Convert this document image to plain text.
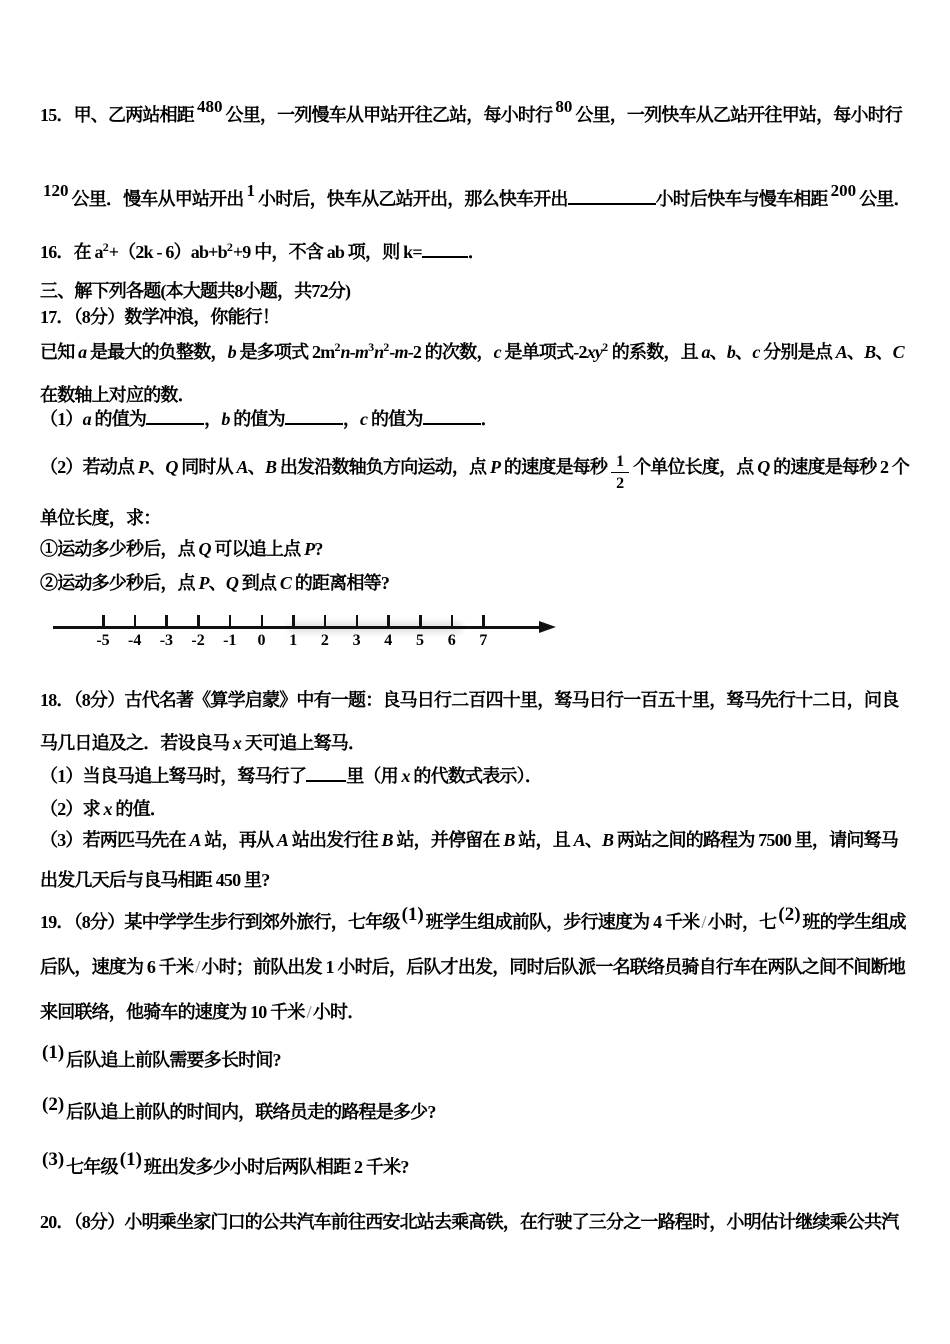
15．甲、乙两站相距 480 公里，一列慢车从甲站开往乙站，每小时行 80 公里，一列快车从乙站开往甲站，每小时行120 公里．慢车从甲站开出 1 小时后，快车从乙站开出，那么快车开出	小时后快车与慢车相距 200 公里．

16．在 $a^2+(2k - 6)ab+b^2+9$ 中，不含 ab 项，则 k=	．

三、解下列各题(本大题共8小题，共72分)

17．（8分）数学冲浪，你能行！

已知 a 是最大的负整数，b 是多项式 $2m^2n-m^3n^2-m-2$ 的次数，c 是单项式$-2xy^2$ 的系数，且 a、b、c 分别是点 A、B、C 在数轴上对应的数．

（1）a 的值为	，b 的值为	，c 的值为	．

（2）若动点 P、Q 同时从 A、B 出发沿数轴负方向运动，点 P 的速度是每秒 $\frac{1}{2}$ 个单位长度，点 Q 的速度是每秒 2 个单位长度，求：

①运动多少秒后，点 Q 可以追上点 P?

②运动多少秒后，点 P、Q 到点 C 的距离相等?

-5	-4	-3	-2	-1	0	1	2	3	4	5	6	7

18．（8分）古代名著《算学启蒙》中有一题：良马日行二百四十里，驽马日行一百五十里，驽马先行十二日，问良马几日追及之．若设良马 x 天可追上驽马．

（1）当良马追上驽马时，驽马行了 里（用 x 的代数式表示）．

（2）求 x 的值．

（3）若两匹马先在 A 站，再从 A 站出发行往 B 站，并停留在 B 站，且 A、B 两站之间的路程为 7500 里，请问驽马出发几天后与良马相距 450 里?

19．（8分）某中学学生步行到郊外旅行，七年级 (1) 班学生组成前队，步行速度为 4 千米 / 小时，七 (2) 班的学生组成后队，速度为 6 千米 / 小时；前队出发 1 小时后，后队才出发，同时后队派一名联络员骑自行车在两队之间不间断地来回联络，他骑车的速度为 10 千米 / 小时．

(1) 后队追上前队需要多长时间?

(2) 后队追上前队的时间内，联络员走的路程是多少?

(3) 七年级 (1) 班出发多少小时后两队相距 2 千米?

20．（8分）小明乘坐家门口的公共汽车前往西安北站去乘高铁，在行驶了三分之一路程时，小明估计继续乘公共汽
